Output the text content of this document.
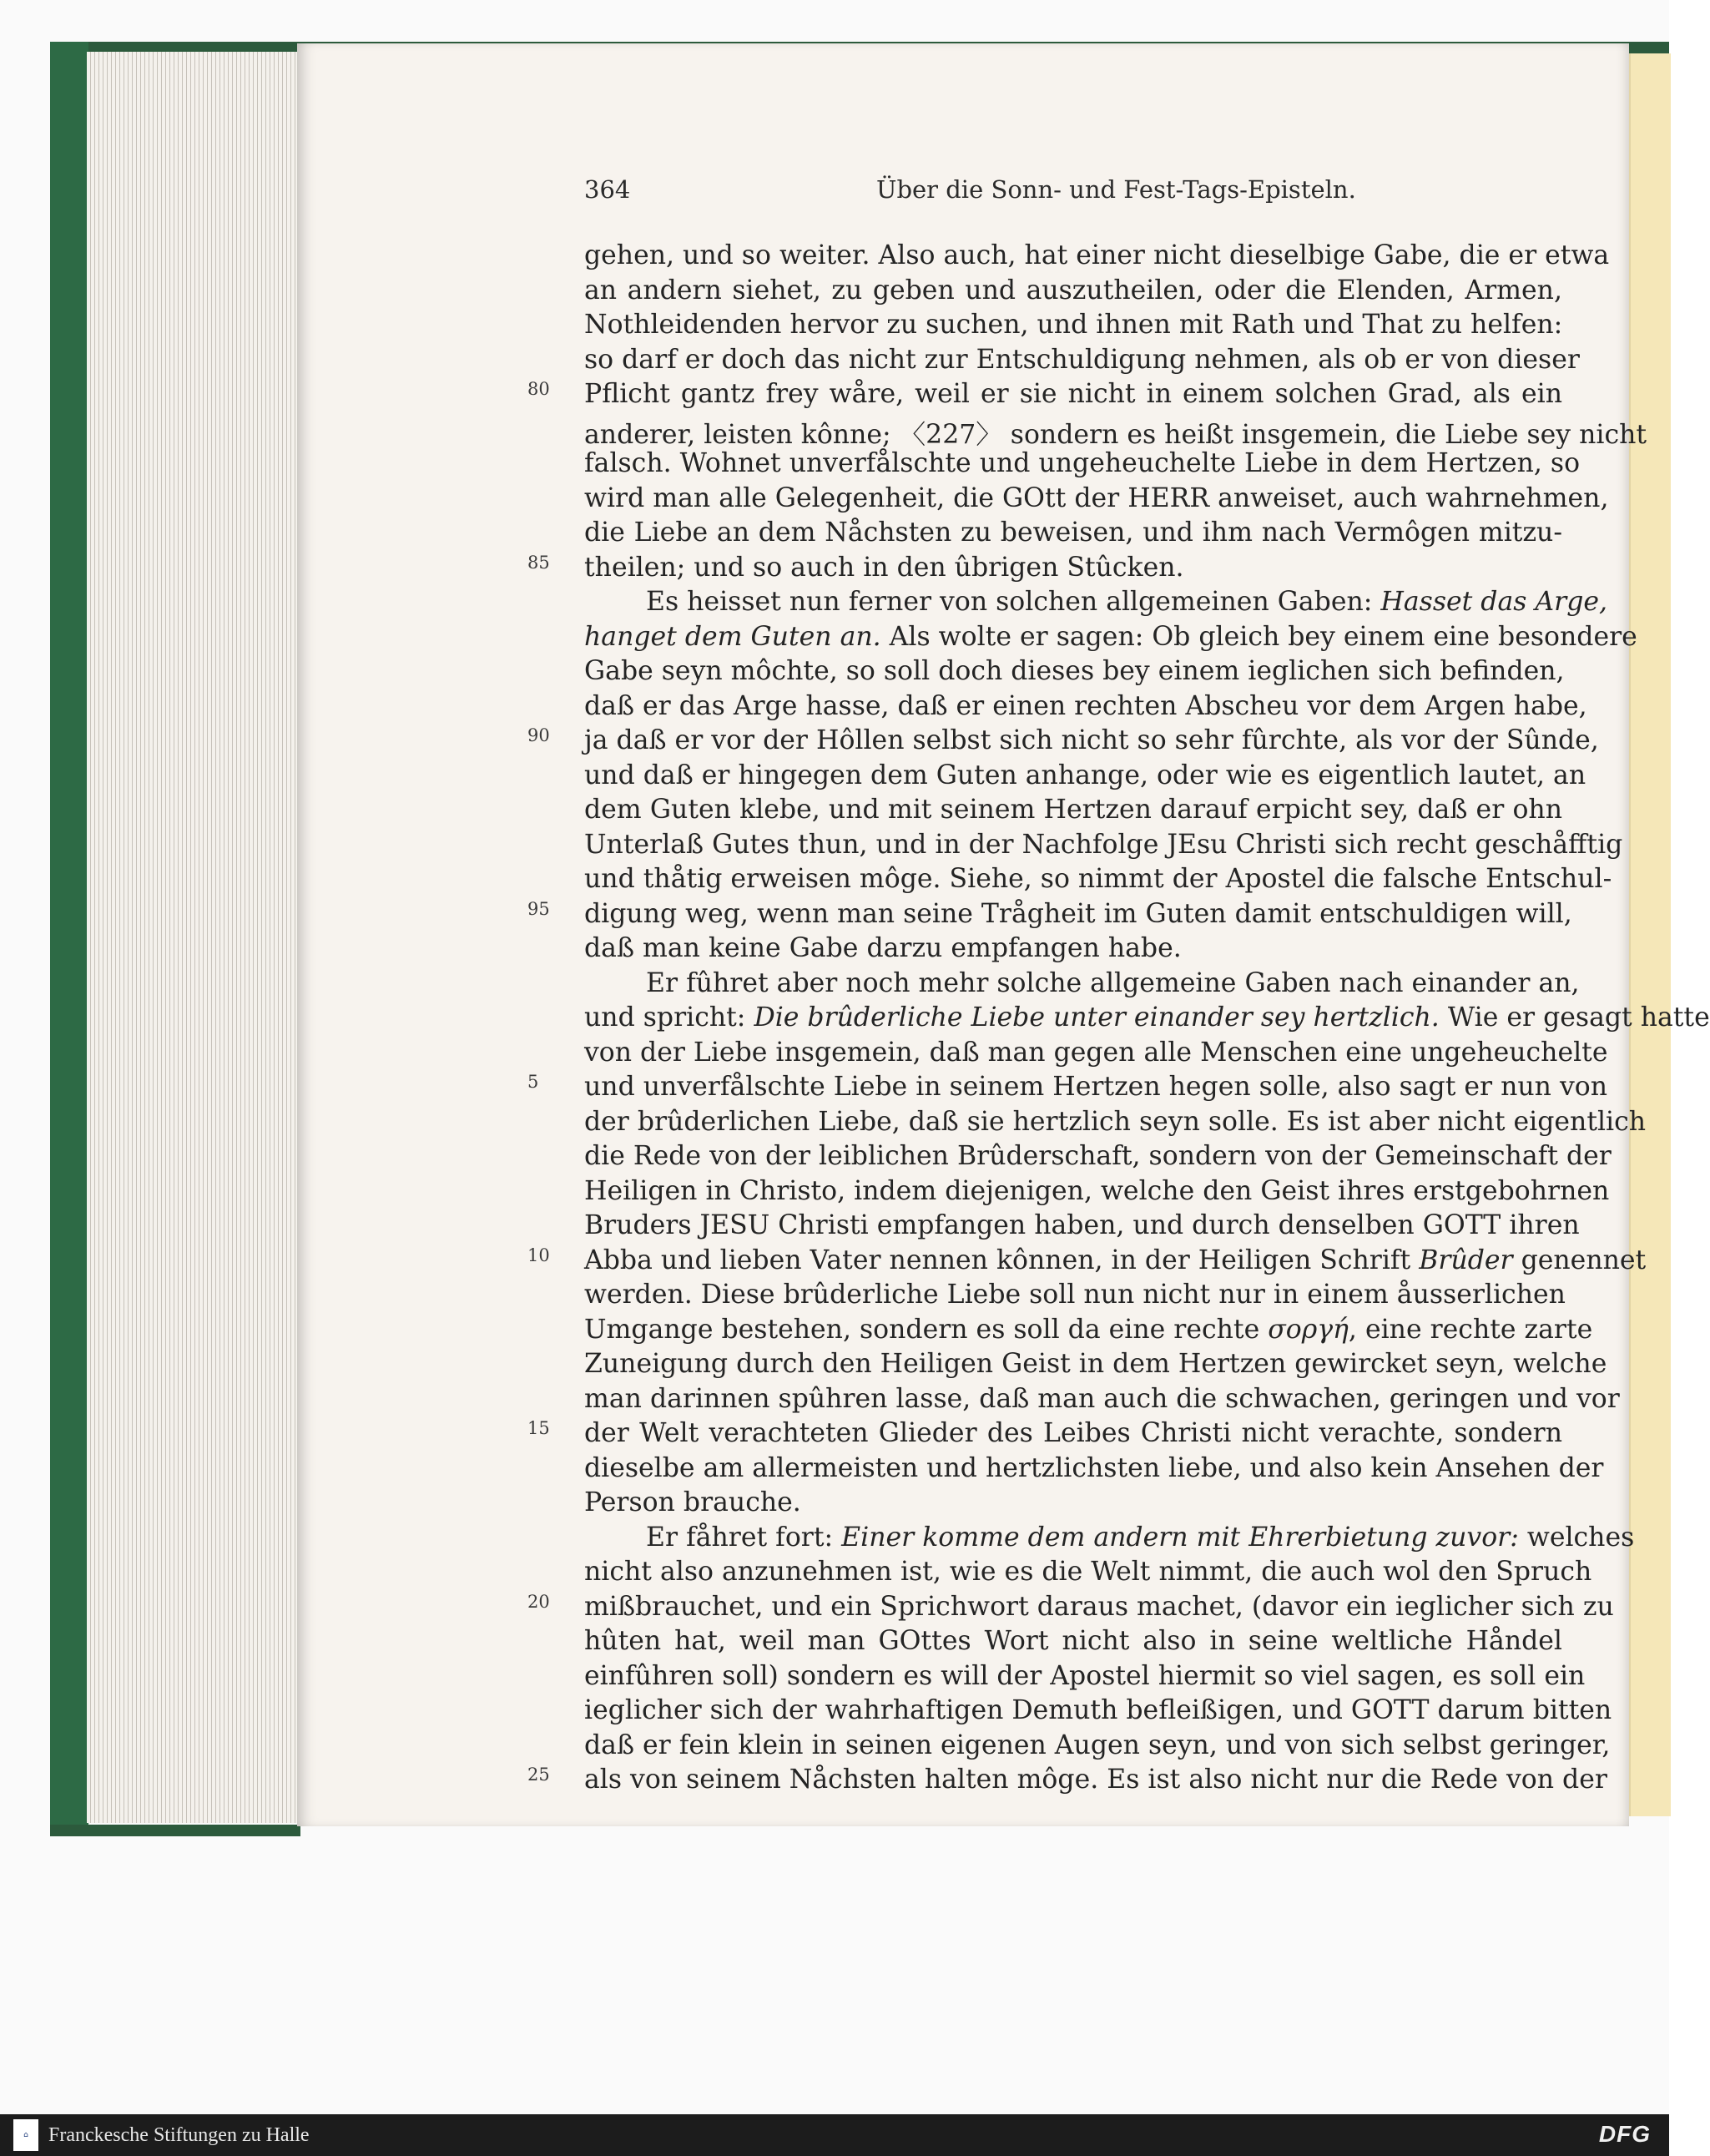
364	Über die Sonn- und Fest-Tags-Episteln.
gehen, und so weiter. Also auch, hat einer nicht dieselbige Gabe, die er etwa
an andern siehet, zu geben und auszutheilen, oder die Elenden, Armen,
Nothleidenden hervor zu suchen, und ihnen mit Rath und That zu helfen:
so darf er doch das nicht zur Entschuldigung nehmen, als ob er von dieser
80 Pflicht gantz frey wåre, weil er sie nicht in einem solchen Grad, als ein
anderer, leisten kônne; 〈227〉 sondern es heißt insgemein, die Liebe sey nicht
falsch. Wohnet unverfålschte und ungeheuchelte Liebe in dem Hertzen, so
wird man alle Gelegenheit, die GOtt der HERR anweiset, auch wahrnehmen,
die Liebe an dem Nåchsten zu beweisen, und ihm nach Vermôgen mitzu-
85 theilen; und so auch in den ûbrigen Stûcken.
Es heisset nun ferner von solchen allgemeinen Gaben: Hasset das Arge,
hanget dem Guten an. Als wolte er sagen: Ob gleich bey einem eine besondere
Gabe seyn môchte, so soll doch dieses bey einem ieglichen sich befinden,
daß er das Arge hasse, daß er einen rechten Abscheu vor dem Argen habe,
90 ja daß er vor der Hôllen selbst sich nicht so sehr fûrchte, als vor der Sûnde,
und daß er hingegen dem Guten anhange, oder wie es eigentlich lautet, an
dem Guten klebe, und mit seinem Hertzen darauf erpicht sey, daß er ohn
Unterlaß Gutes thun, und in der Nachfolge JEsu Christi sich recht geschåfftig
und thåtig erweisen môge. Siehe, so nimmt der Apostel die falsche Entschul-
95 digung weg, wenn man seine Trågheit im Guten damit entschuldigen will,
daß man keine Gabe darzu empfangen habe.
Er fûhret aber noch mehr solche allgemeine Gaben nach einander an,
und spricht: Die brûderliche Liebe unter einander sey hertzlich. Wie er gesagt hatte
von der Liebe insgemein, daß man gegen alle Menschen eine ungeheuchelte
5	und unverfålschte Liebe in seinem Hertzen hegen solle, also sagt er nun von
der brûderlichen Liebe, daß sie hertzlich seyn solle. Es ist aber nicht eigentlich
die Rede von der leiblichen Brûderschaft, sondern von der Gemeinschaft der
Heiligen in Christo, indem diejenigen, welche den Geist ihres erstgebohrnen
Bruders JESU Christi empfangen haben, und durch denselben GOTT ihren
10 Abba und lieben Vater nennen kônnen, in der Heiligen Schrift Brûder genennet
werden. Diese brûderliche Liebe soll nun nicht nur in einem åusserlichen
Umgange bestehen, sondern es soll da eine rechte σοργή, eine rechte zarte
Zuneigung durch den Heiligen Geist in dem Hertzen gewircket seyn, welche
man darinnen spûhren lasse, daß man auch die schwachen, geringen und vor
15 der Welt verachteten Glieder des Leibes Christi nicht verachte, sondern
dieselbe am allermeisten und hertzlichsten liebe, und also kein Ansehen der
Person brauche.
Er fåhret fort: Einer komme dem andern mit Ehrerbietung zuvor: welches
nicht also anzunehmen ist, wie es die Welt nimmt, die auch wol den Spruch
20 mißbrauchet, und ein Sprichwort daraus machet, (davor ein ieglicher sich zu
hûten hat, weil man GOttes Wort nicht also in seine weltliche Håndel
einfûhren soll) sondern es will der Apostel hiermit so viel sagen, es soll ein
ieglicher sich der wahrhaftigen Demuth befleißigen, und GOTT darum bitten
daß er fein klein in seinen eigenen Augen seyn, und von sich selbst geringer,
25 als von seinem Nåchsten halten môge. Es ist also nicht nur die Rede von der
⌂	Franckesche Stiftungen zu Halle	DFG
